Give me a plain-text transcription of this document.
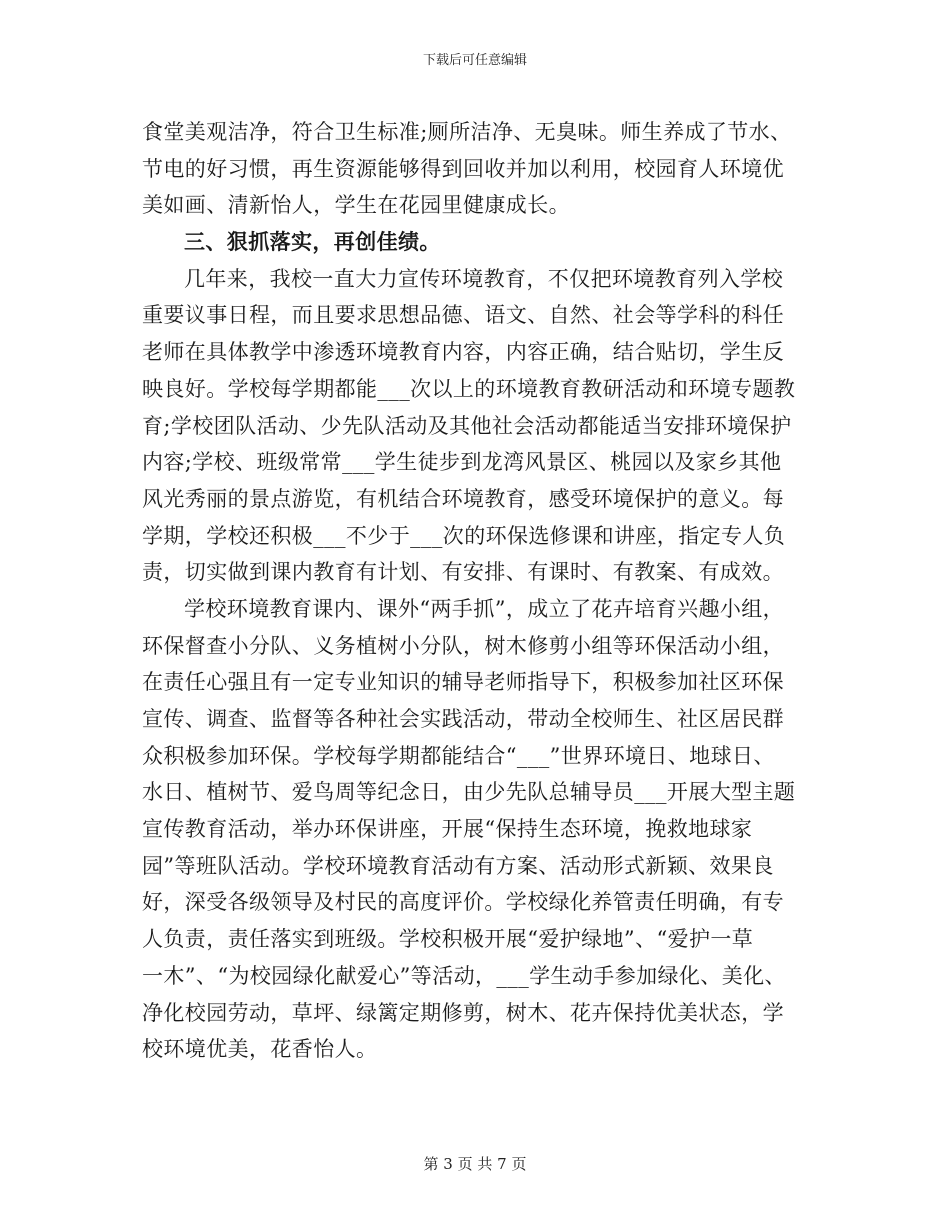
下载后可任意编辑
食堂美观洁净，符合卫生标准;厕所洁净、无臭味。师生养成了节水、
节电的好习惯，再生资源能够得到回收并加以利用，校园育人环境优
美如画、清新怡人，学生在花园里健康成长。
三、狠抓落实，再创佳绩。
几年来，我校一直大力宣传环境教育，不仅把环境教育列入学校
重要议事日程，而且要求思想品德、语文、自然、社会等学科的科任
老师在具体教学中渗透环境教育内容，内容正确，结合贴切，学生反
映良好。学校每学期都能___次以上的环境教育教研活动和环境专题教
育;学校团队活动、少先队活动及其他社会活动都能适当安排环境保护
内容;学校、班级常常___学生徒步到龙湾风景区、桃园以及家乡其他
风光秀丽的景点游览，有机结合环境教育，感受环境保护的意义。每
学期，学校还积极___不少于___次的环保选修课和讲座，指定专人负
责，切实做到课内教育有计划、有安排、有课时、有教案、有成效。
学校环境教育课内、课外“两手抓”，成立了花卉培育兴趣小组，
环保督查小分队、义务植树小分队，树木修剪小组等环保活动小组，
在责任心强且有一定专业知识的辅导老师指导下，积极参加社区环保
宣传、调查、监督等各种社会实践活动，带动全校师生、社区居民群
众积极参加环保。学校每学期都能结合“___”世界环境日、地球日、
水日、植树节、爱鸟周等纪念日，由少先队总辅导员___开展大型主题
宣传教育活动，举办环保讲座，开展“保持生态环境，挽救地球家
园”等班队活动。学校环境教育活动有方案、活动形式新颖、效果良
好，深受各级领导及村民的高度评价。学校绿化养管责任明确，有专
人负责，责任落实到班级。学校积极开展“爱护绿地”、“爱护一草
一木”、“为校园绿化献爱心”等活动，___学生动手参加绿化、美化、
净化校园劳动，草坪、绿篱定期修剪，树木、花卉保持优美状态，学
校环境优美，花香怡人。
第 3 页 共 7 页
